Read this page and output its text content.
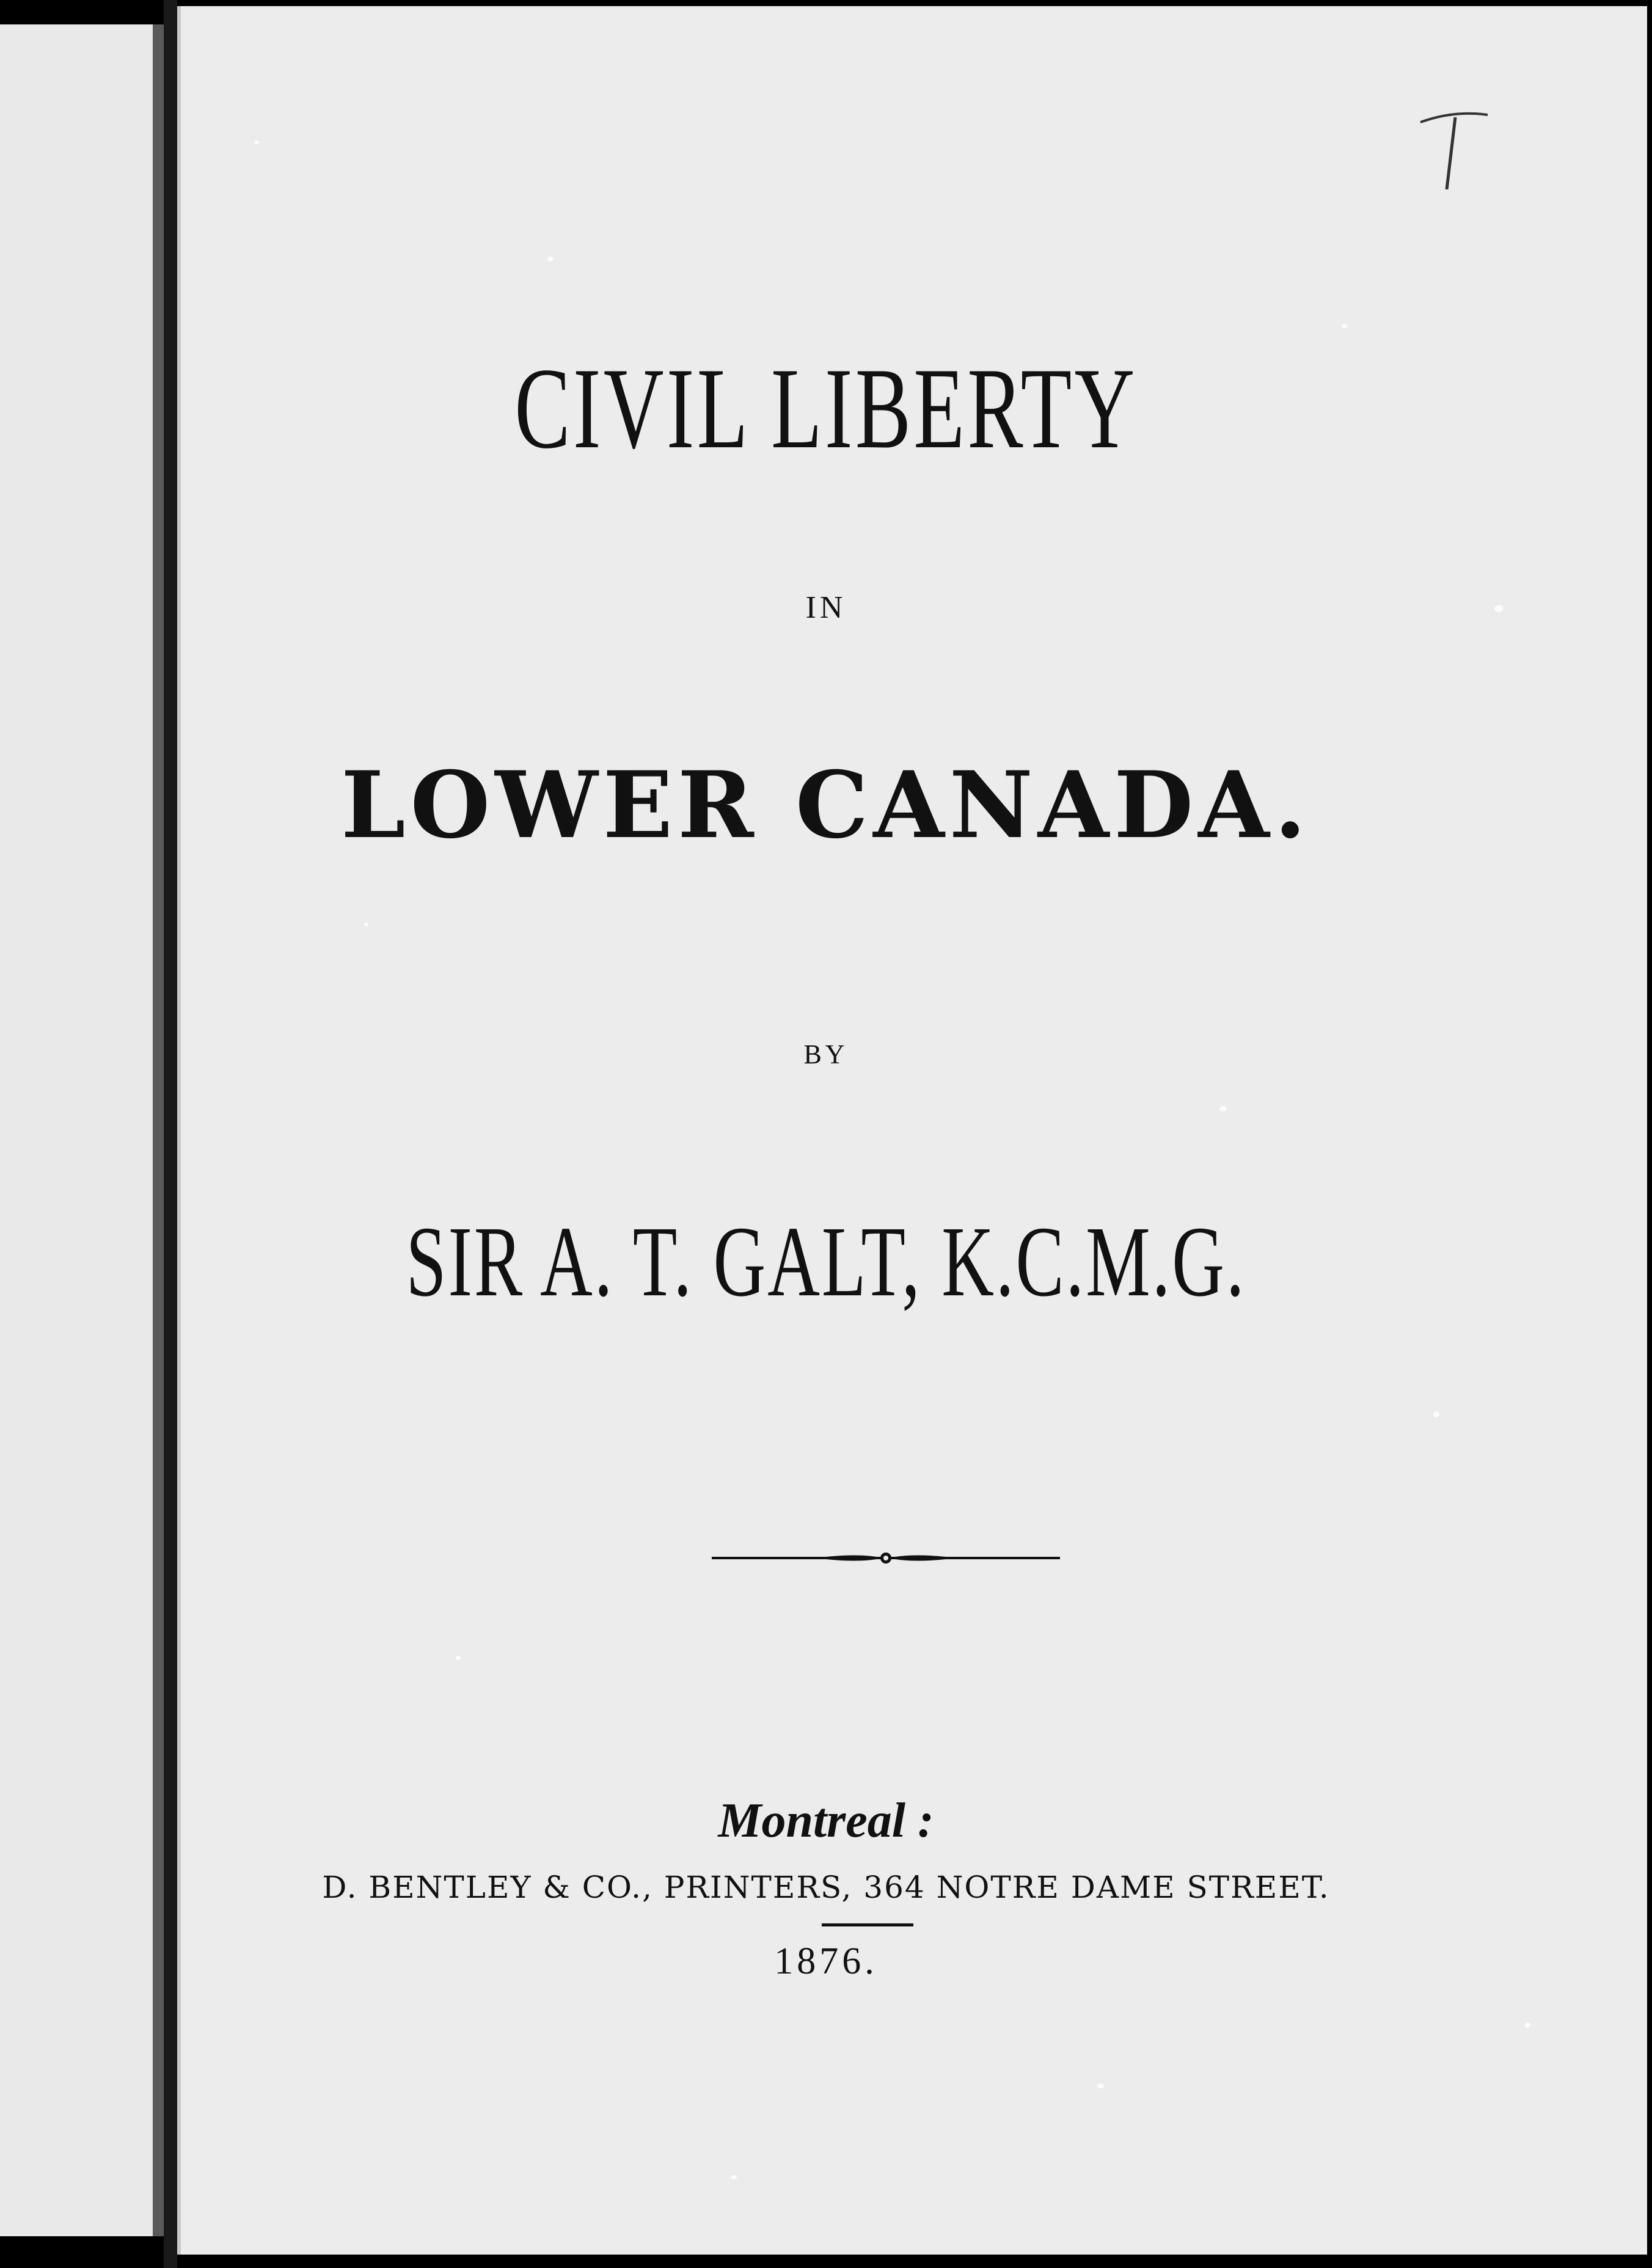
CIVIL LIBERTY
IN
LOWER CANADA.
BY
SIR A. T. GALT, K.C.M.G.
Montreal :
D. BENTLEY & CO., PRINTERS, 364 NOTRE DAME STREET.
1876.
